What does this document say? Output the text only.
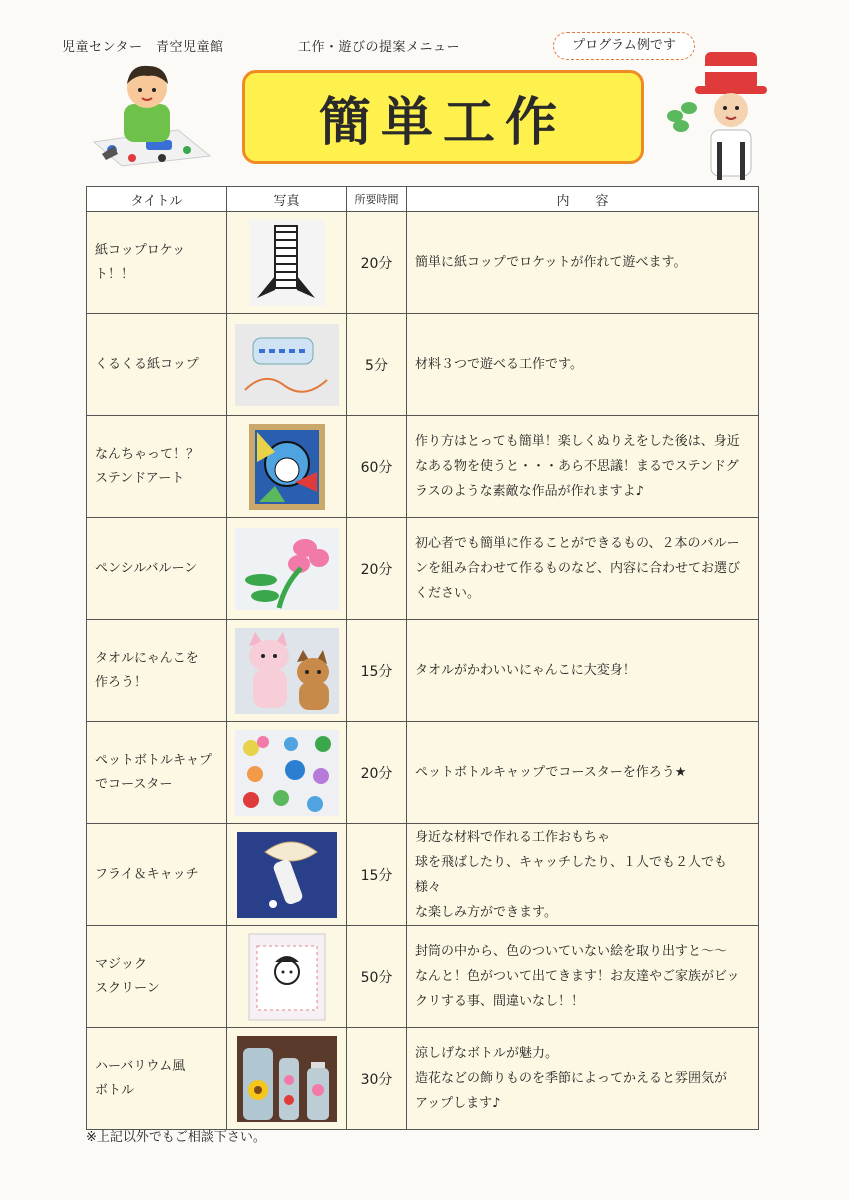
児童センター　青空児童館	工作・遊びの提案メニュー	プログラム例です
簡単工作
タイトル	写真	所要時間	内　　容
紙コップロケット！！		20分	簡単に紙コップでロケットが作れて遊べます。
くるくる紙コップ		5分	材料３つで遊べる工作です。
なんちゃって！？
ステンドアート		60分	作り方はとっても簡単！楽しくぬりえをした後は、身近
なある物を使うと・・・あら不思議！まるでステンドグ
ラスのような素敵な作品が作れますよ♪
ペンシルバルーン		20分	初心者でも簡単に作ることができるもの、２本のバルー
ンを組み合わせて作るものなど、内容に合わせてお選び
ください。
タオルにゃんこを
作ろう！		15分	タオルがかわいいにゃんこに大変身！
ペットボトルキャプ
でコースター		20分	ペットボトルキャップでコースターを作ろう★
フライ＆キャッチ		15分	身近な材料で作れる工作おもちゃ
球を飛ばしたり、キャッチしたり、１人でも２人でも様々
な楽しみ方ができます。
マジック
スクリーン		50分	封筒の中から、色のついていない絵を取り出すと～～
なんと！色がついて出てきます！お友達やご家族がビッ
クリする事、間違いなし！！
ハーバリウム風
ボトル		30分	涼しげなボトルが魅力。
造花などの飾りものを季節によってかえると雰囲気が
アップします♪
※上記以外でもご相談下さい。
